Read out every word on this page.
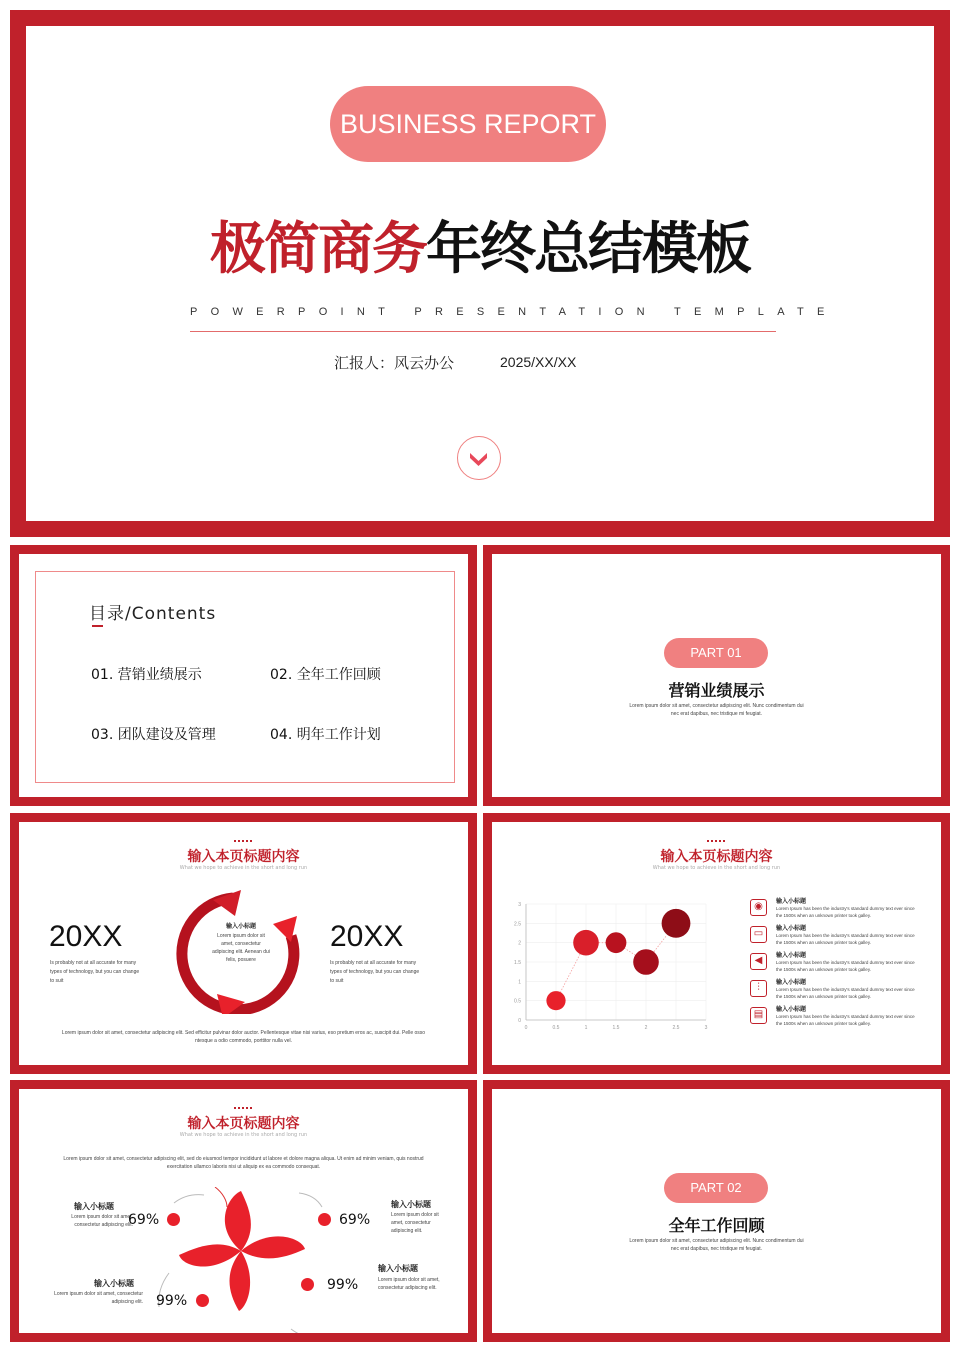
BUSINESS REPORT
极简商务年终总结模板
POWERPOINT PRESENTATION TEMPLATE
汇报人：风云办公	2025/XX/XX
目录/Contents
01. 营销业绩展示	02. 全年工作回顾
03. 团队建设及管理	04. 明年工作计划
PART 01
营销业绩展示
Lorem ipsum dolor sit amet, consectetur adipiscing elit. Nunc condimentum dui
nec erat dapibus, nec tristique mi feugiat.
输入本页标题内容
What we hope to achieve in the short and long run
20XX
Is probably not at all accurate for many
types of technology, but you can change
to suit
20XX
Is probably not at all accurate for many
types of technology, but you can change
to suit
输入小标题
Lorem ipsum dolor sit
amet, consectetur
adipiscing elit. Aenean dui
felis, posuere
Lorem ipsum dolor sit amet, consectetur adipiscing elit. Sed efficitur pulvinar dolor auctor. Pellentesque vitae nisi varius, eso pretium eros ac, suscipit dui. Pelle osso
ntesque a odio commodo, porttitor nulla vel.
输入本页标题内容
What we hope to achieve in the short and long run
0	0.5	1	1.5	2	2.5	3
0
0.5
1
1.5
2
2.5
3	◉	输入小标题
Lorem Ipsum has been the industry's standard dummy text ever since
the 1500s when an unknown printer took galley.
▭	输入小标题
Lorem Ipsum has been the industry's standard dummy text ever since
the 1500s when an unknown printer took galley.
◀	输入小标题
Lorem Ipsum has been the industry's standard dummy text ever since
the 1500s when an unknown printer took galley.
⫶	输入小标题
Lorem Ipsum has been the industry's standard dummy text ever since
the 1500s when an unknown printer took galley.
▤	输入小标题
Lorem Ipsum has been the industry's standard dummy text ever since
the 1500s when an unknown printer took galley.
输入本页标题内容
What we hope to achieve in the short and long run
Lorem ipsum dolor sit amet, consectetur adipiscing elit, sed do eiusmod tempor incididunt ut labore et dolore magna aliqua. Ut enim ad minim veniam, quis nostrud
exercitation ullamco laboris nisi ut aliquip ex ea commodo consequat.
输入小标题
Lorem ipsum dolor sit amet,
consectetur adipiscing elit.
69%
输入小标题
Lorem ipsum dolor sit
amet, consectetur
adipiscing elit.
69%
输入小标题
Lorem ipsum dolor sit amet, consectetur
adipiscing elit. 99%
输入小标题
Lorem ipsum dolor sit amet,
consectetur adipiscing elit.
99%
PART 02
全年工作回顾
Lorem ipsum dolor sit amet, consectetur adipiscing elit. Nunc condimentum dui
nec erat dapibus, nec tristique mi feugiat.
